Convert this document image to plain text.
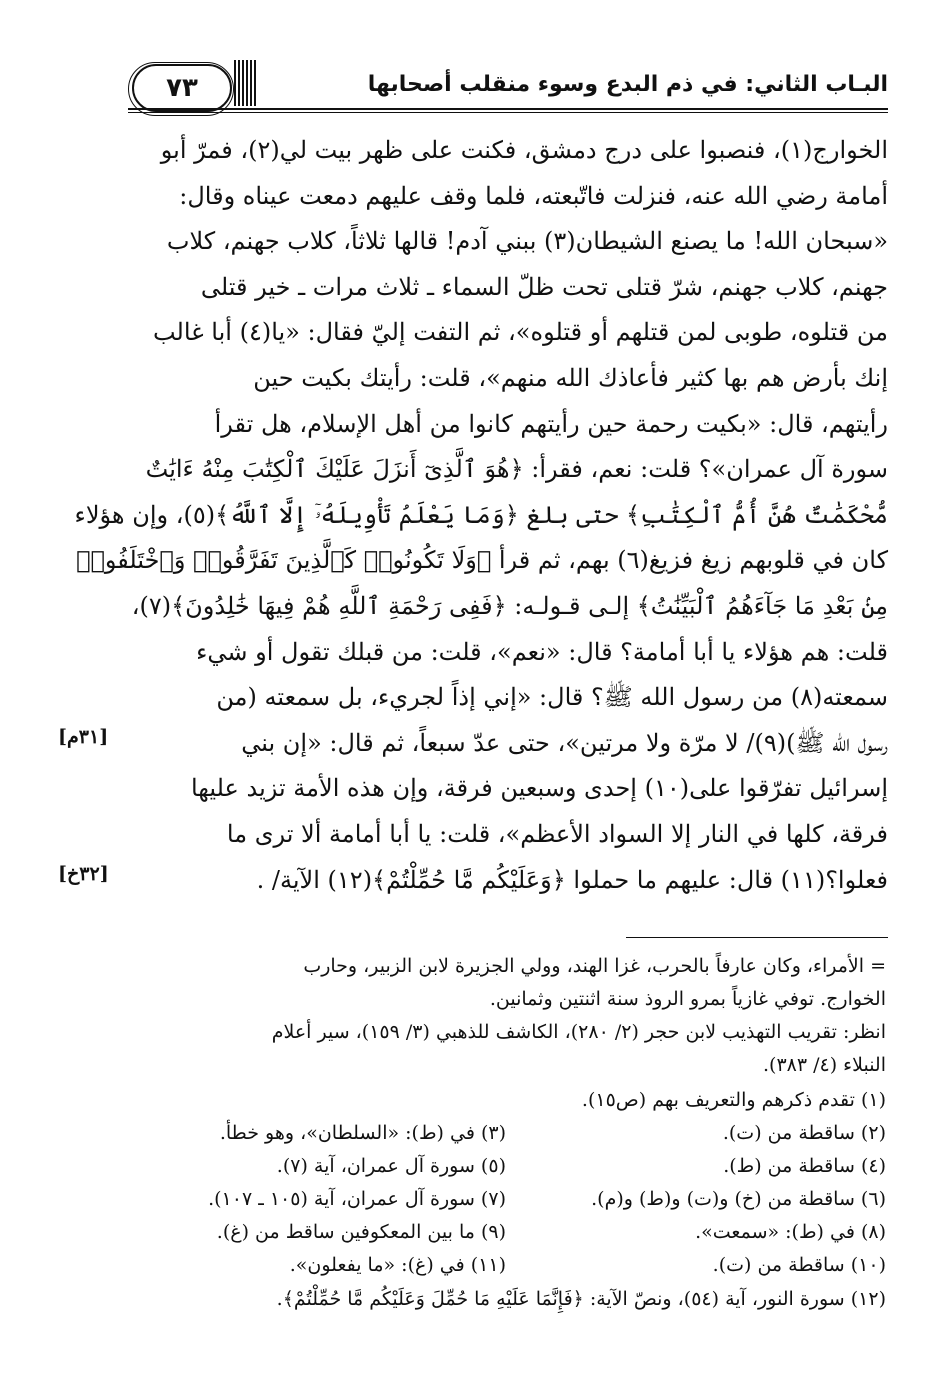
٧٣	البـاب الثاني: في ذم البدع وسوء منقلب أصحابها

الخوارج(١)، فنصبوا على درج دمشق، فكنت على ظهر بيت لي(٢)، فمرّ أبو

أمامة رضي الله عنه، فنزلت فاتّبعته، فلما وقف عليهم دمعت عيناه وقال:

«سبحان الله! ما يصنع الشيطان(٣) ببني آدم! قالها ثلاثاً، كلاب جهنم، كلاب

جهنم، كلاب جهنم، شرّ قتلى تحت ظلّ السماء ـ ثلاث مرات ـ خير قتلى

من قتلوه، طوبى لمن قتلهم أو قتلوه»، ثم التفت إليّ فقال: «يا(٤) أبا غالب

إنك بأرض هم بها كثير فأعاذك الله منهم»، قلت: رأيتك بكيت حين

رأيتهم، قال: «بكيت رحمة حين رأيتهم كانوا من أهل الإسلام، هل تقرأ

سورة آل عمران»؟ قلت: نعم، فقرأ: ﴿هُوَ ٱلَّذِىٓ أَنزَلَ عَلَيْكَ ٱلْكِتَٰبَ مِنْهُ ءَايَٰتٌ

مُّحْكَمَٰتٌ هُنَّ أُمُّ ٱلْكِتَٰبِ﴾ حتى بلغ ﴿وَمَا يَعْلَمُ تَأْوِيلَهُۥٓ إِلَّا ٱللَّهُ﴾(٥)، وإن هؤلاء

كان في قلوبهم زيغ فزيغ(٦) بهم، ثم قرأ ﴿وَلَا تَكُونُوا۟ كَٱلَّذِينَ تَفَرَّقُوا۟ وَٱخْتَلَفُوا۟

مِنۢ بَعْدِ مَا جَآءَهُمُ ٱلْبَيِّنَٰتُ﴾ إلـى قـولـه: ﴿فَفِى رَحْمَةِ ٱللَّهِ هُمْ فِيهَا خَٰلِدُونَ﴾(٧)،

قلت: هم هؤلاء يا أبا أمامة؟ قال: «نعم»، قلت: من قبلك تقول أو شيء

سمعته(٨) من رسول الله ﷺ؟ قال: «إني إذاً لجريء، بل سمعته (من

رسول الله ﷺ)(٩)/ لا مرّة ولا مرتين»، حتى عدّ سبعاً، ثم قال: «إن بني

إسرائيل تفرّقوا على(١٠) إحدى وسبعين فرقة، وإن هذه الأمة تزيد عليها

فرقة، كلها في النار إلا السواد الأعظم»، قلت: يا أبا أمامة ألا ترى ما

فعلوا؟(١١) قال: عليهم ما حملوا ﴿وَعَلَيْكُم مَّا حُمِّلْتُمْ﴾(١٢) الآية/ .

[٣١م]
[٣٢خ]

= الأمراء، وكان عارفاً بالحرب، غزا الهند، وولي الجزيرة لابن الزبير، وحارب

الخوارج. توفي غازياً بمرو الروذ سنة اثنتين وثمانين.

انظر: تقريب التهذيب لابن حجر (٢/ ٢٨٠)، الكاشف للذهبي (٣/ ١٥٩)، سير أعلام

النبلاء (٤/ ٣٨٣).

(١) تقدم ذكرهم والتعريف بهم (ص١٥).

(٢) ساقطة من (ت).
(٣) في (ط): «السلطان»، وهو خطأ.
(٤) ساقطة من (ط).
(٥) سورة آل عمران، آية (٧).
(٦) ساقطة من (خ) و(ت) و(ط) و(م).
(٧) سورة آل عمران، آية (١٠٥ ـ ١٠٧).
(٨) في (ط): «سمعت».
(٩) ما بين المعكوفين ساقط من (غ).
(١٠) ساقطة من (ت).
(١١) في (غ): «ما يفعلون».

(١٢) سورة النور، آية (٥٤)، ونصّ الآية: ﴿فَإِنَّمَا عَلَيْهِ مَا حُمِّلَ وَعَلَيْكُم مَّا حُمِّلْتُمْ﴾.
